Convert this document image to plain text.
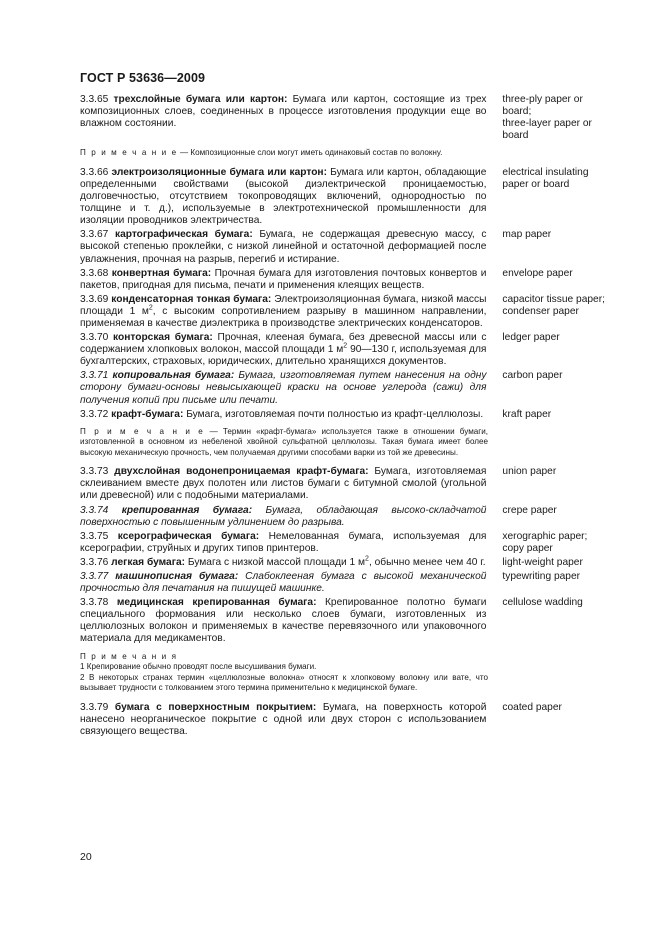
ГОСТ Р 53636—2009
3.3.65 трехслойные бумага или картон: Бумага или картон, состоящие из трех композиционных слоев, соединенных в процессе изготовления продукции еще во влажном состоянии.
three-ply paper or board;
three-layer paper or board
П р и м е ч а н и е — Композиционные слои могут иметь одинаковый состав по волокну.
3.3.66 электроизоляционные бумага или картон: Бумага или картон, обладающие определенными свойствами (высокой диэлектрической проницаемостью, долговечностью, отсутствием токопроводящих включений, однородностью по толщине и т. д.), используемые в электротехнической промышленности для изоляции проводников электричества.
electrical insulating paper or board
3.3.67 картографическая бумага: Бумага, не содержащая древесную массу, с высокой степенью проклейки, с низкой линейной и остаточной деформацией после увлажнения, прочная на разрыв, перегиб и истирание.
map paper
3.3.68 конвертная бумага: Прочная бумага для изготовления почтовых конвертов и пакетов, пригодная для письма, печати и применения клеящих веществ.
envelope paper
3.3.69 конденсаторная тонкая бумага: Электроизоляционная бумага, низкой массы площади 1 $м^2$, с высоким сопротивлением разрыву в машинном направлении, применяемая в качестве диэлектрика в производстве электрических конденсаторов.
capacitor tissue paper;
condenser paper
3.3.70 конторская бумага: Прочная, клееная бумага, без древесной массы или с содержанием хлопковых волокон, массой площади 1 $м^2$ 90—130 г, используемая для бухгалтерских, страховых, юридических, длительно хранящихся документов.
ledger paper
3.3.71 копировальная бумага: Бумага, изготовляемая путем нанесения на одну сторону бумаги-основы невысыхающей краски на основе углерода (сажи) для получения копий при письме или печати.
carbon paper
3.3.72 крафт-бумага: Бумага, изготовляемая почти полностью из крафт-целлюлозы.	kraft paper
П р и м е ч а н и е — Термин «крафт-бумага» используется также в отношении бумаги, изготовленной в основном из небеленой хвойной сульфатной целлюлозы. Такая бумага имеет более высокую механическую прочность, чем получаемая другими способами варки из той же древесины.
3.3.73 двухслойная водонепроницаемая крафт-бумага: Бумага, изготовляемая склеиванием вместе двух полотен или листов бумаги с битумной смолой (угольной или древесной) или с подобными материалами.
union paper
3.3.74 крепированная бумага: Бумага, обладающая высоко-складчатой поверхностью с повышенным удлинением до разрыва.
crepe paper
3.3.75 ксерографическая бумага: Немелованная бумага, используемая для ксерографии, струйных и других типов принтеров.
xerographic paper;
copy paper
3.3.76 легкая бумага: Бумага с низкой массой площади 1 $м^2$, обычно менее чем 40 г. light-weight paper
3.3.77 машинописная бумага: Слабоклееная бумага с высокой механической прочностью для печатания на пишущей машинке.
typewriting paper
3.3.78 медицинская крепированная бумага: Крепированное полотно бумаги специального формования или несколько слоев бумаги, изготовленных из целлюлозных волокон и применяемых в качестве перевязочного или упаковочного материала для медикаментов.
cellulose wadding
П р и м е ч а н и я
1 Крепирование обычно проводят после высушивания бумаги.
2 В некоторых странах термин «целлюлозные волокна» относят к хлопковому волокну или вате, что вызывает трудности с толкованием этого термина применительно к медицинской бумаге.
3.3.79 бумага с поверхностным покрытием: Бумага, на поверхность которой нанесено неорганическое покрытие с одной или двух сторон с использованием связующего вещества.
coated paper
20
